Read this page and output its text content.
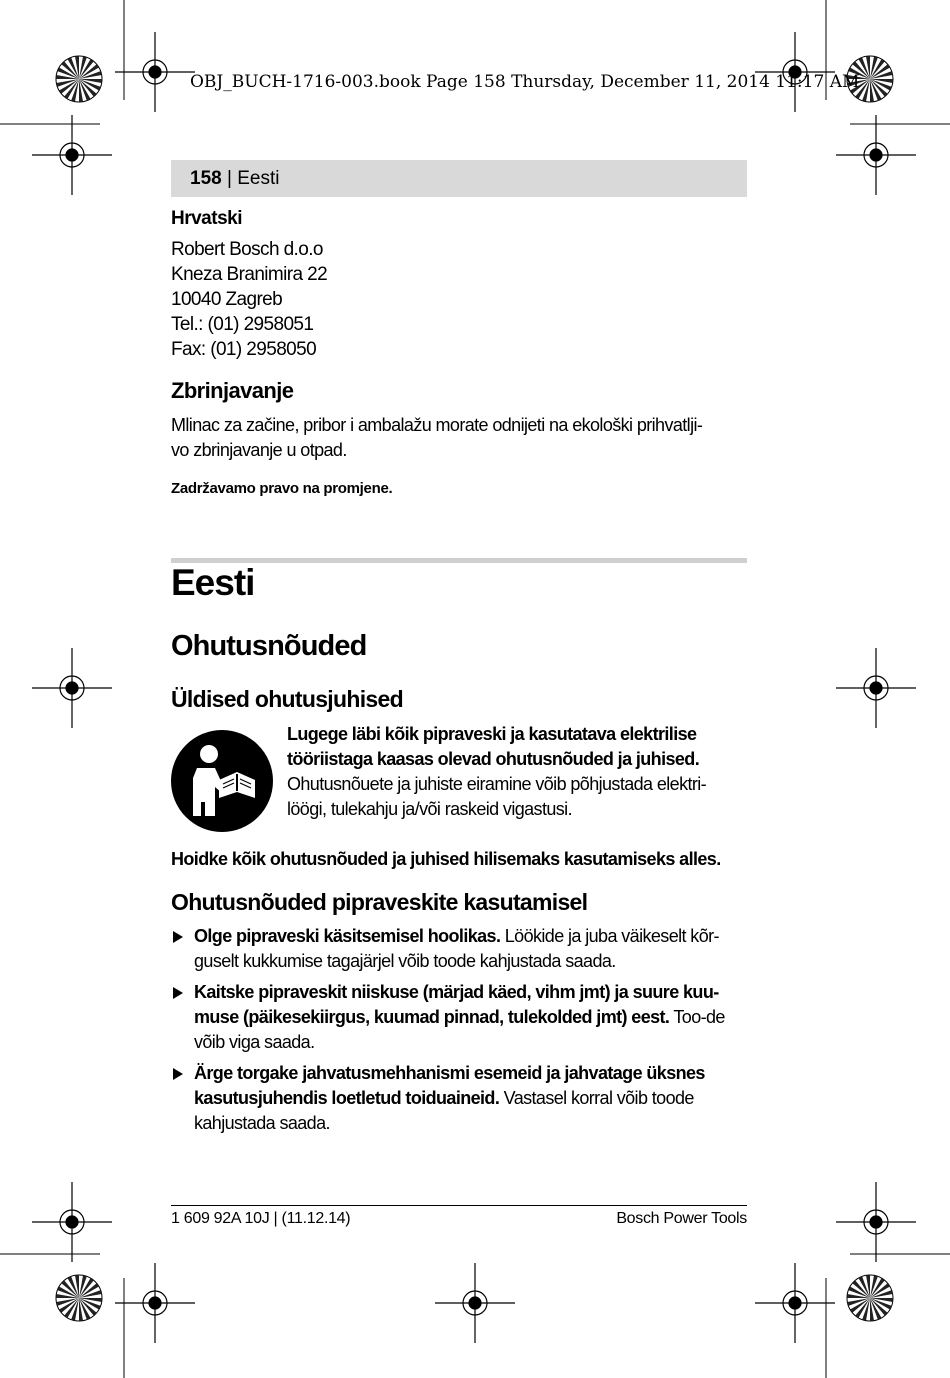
OBJ_BUCH-1716-003.book Page 158 Thursday, December 11, 2014 11:17 AM
158 | Eesti
Hrvatski
Robert Bosch d.o.o
Kneza Branimira 22
10040 Zagreb
Tel.: (01) 2958051
Fax: (01) 2958050
Zbrinjavanje
Mlinac za začine, pribor i ambalažu morate odnijeti na ekološki prihvatlji-
vo zbrinjavanje u otpad.
Zadržavamo pravo na promjene.
Eesti
Ohutusnõuded
Üldised ohutusjuhised
Lugege läbi kõik pipraveski ja kasutatava elektrilise
tööriistaga kaasas olevad ohutusnõuded ja juhised.
Ohutusnõuete ja juhiste eiramine võib põhjustada elektri-
löögi, tulekahju ja/või raskeid vigastusi.
Hoidke kõik ohutusnõuded ja juhised hilisemaks kasutamiseks alles.
Ohutusnõuded pipraveskite kasutamisel
Olge pipraveski käsitsemisel hoolikas. Löökide ja juba väikeselt kõr-guselt kukkumise tagajärjel võib toode kahjustada saada.
Kaitske pipraveskit niiskuse (märjad käed, vihm jmt) ja suure kuu-muse (päikesekiirgus, kuumad pinnad, tulekolded jmt) eest. Too-de võib viga saada.
Ärge torgake jahvatusmehhanismi esemeid ja jahvatage üksnes kasutusjuhendis loetletud toiduaineid. Vastasel korral võib toode kahjustada saada.
1 609 92A 10J | (11.12.14)	Bosch Power Tools
